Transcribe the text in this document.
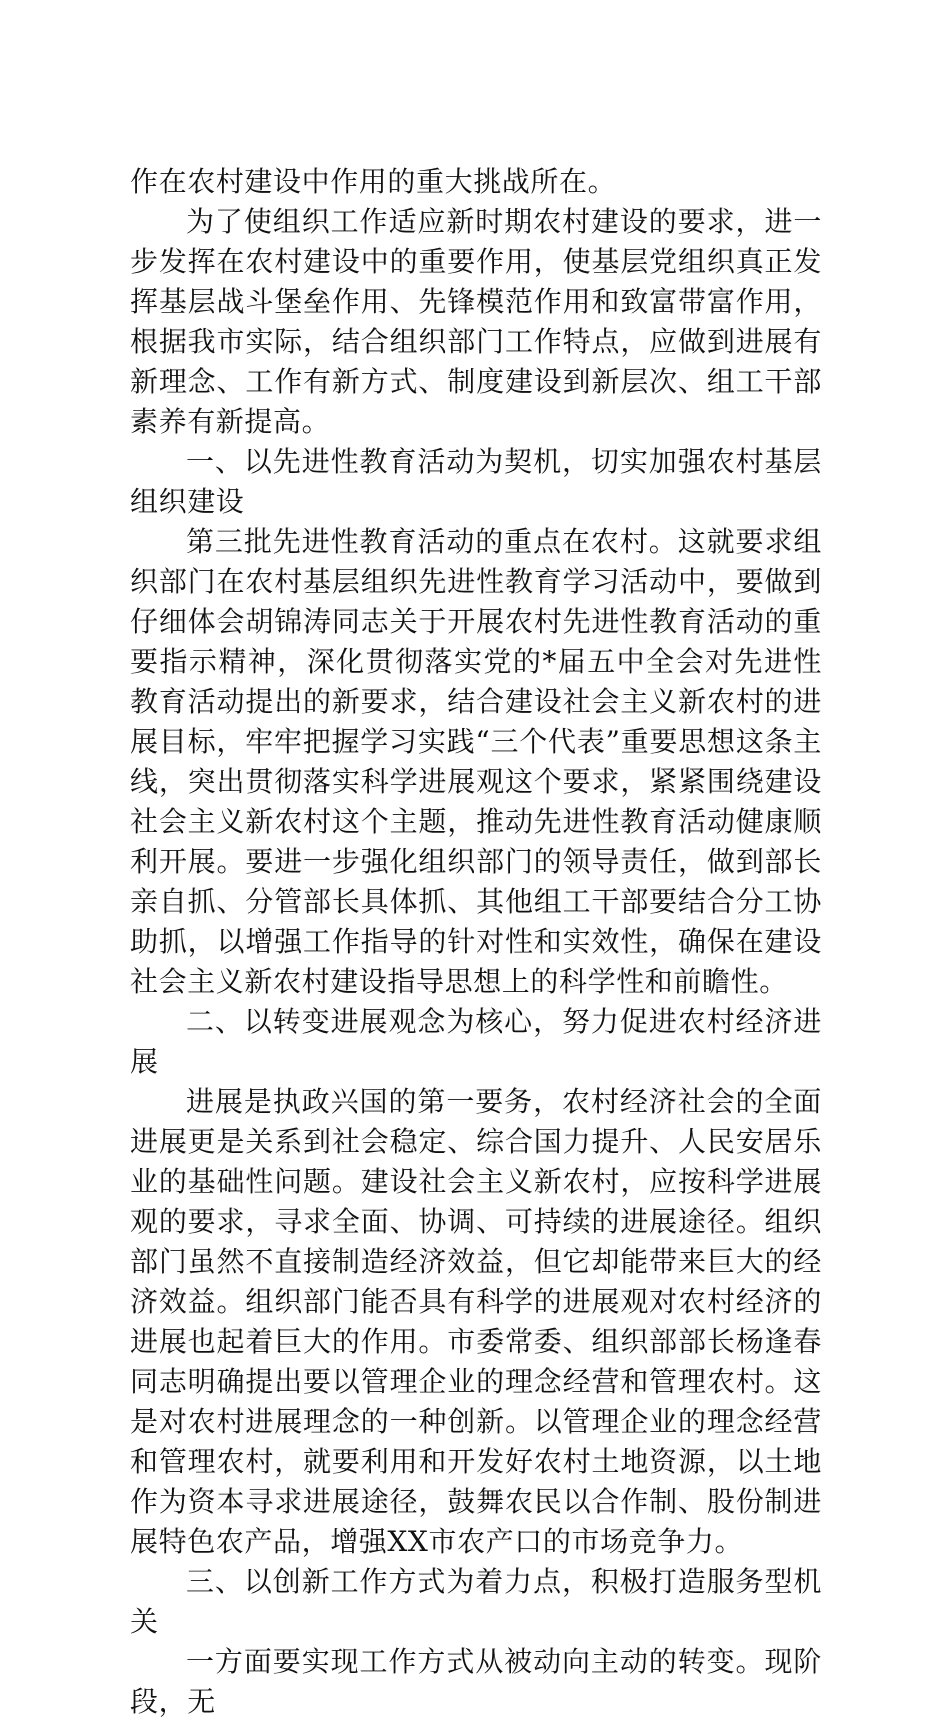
作在农村建设中作用的重大挑战所在。

为了使组织工作适应新时期农村建设的要求，进一步发挥在农村建设中的重要作用，使基层党组织真正发挥基层战斗堡垒作用、先锋模范作用和致富带富作用，根据我市实际，结合组织部门工作特点，应做到进展有新理念、工作有新方式、制度建设到新层次、组工干部素养有新提高。

一、以先进性教育活动为契机，切实加强农村基层组织建设

第三批先进性教育活动的重点在农村。这就要求组织部门在农村基层组织先进性教育学习活动中，要做到仔细体会胡锦涛同志关于开展农村先进性教育活动的重要指示精神，深化贯彻落实党的*届五中全会对先进性教育活动提出的新要求，结合建设社会主义新农村的进展目标，牢牢把握学习实践“三个代表”重要思想这条主线，突出贯彻落实科学进展观这个要求，紧紧围绕建设社会主义新农村这个主题，推动先进性教育活动健康顺利开展。要进一步强化组织部门的领导责任，做到部长亲自抓、分管部长具体抓、其他组工干部要结合分工协助抓，以增强工作指导的针对性和实效性，确保在建设社会主义新农村建设指导思想上的科学性和前瞻性。

二、以转变进展观念为核心，努力促进农村经济进展

进展是执政兴国的第一要务，农村经济社会的全面进展更是关系到社会稳定、综合国力提升、人民安居乐业的基础性问题。建设社会主义新农村，应按科学进展观的要求，寻求全面、协调、可持续的进展途径。组织部门虽然不直接制造经济效益，但它却能带来巨大的经济效益。组织部门能否具有科学的进展观对农村经济的进展也起着巨大的作用。市委常委、组织部部长杨逢春同志明确提出要以管理企业的理念经营和管理农村。这是对农村进展理念的一种创新。以管理企业的理念经营和管理农村，就要利用和开发好农村土地资源，以土地作为资本寻求进展途径，鼓舞农民以合作制、股份制进展特色农产品，增强XX市农产口的市场竞争力。

三、以创新工作方式为着力点，积极打造服务型机关

一方面要实现工作方式从被动向主动的转变。现阶段，无
